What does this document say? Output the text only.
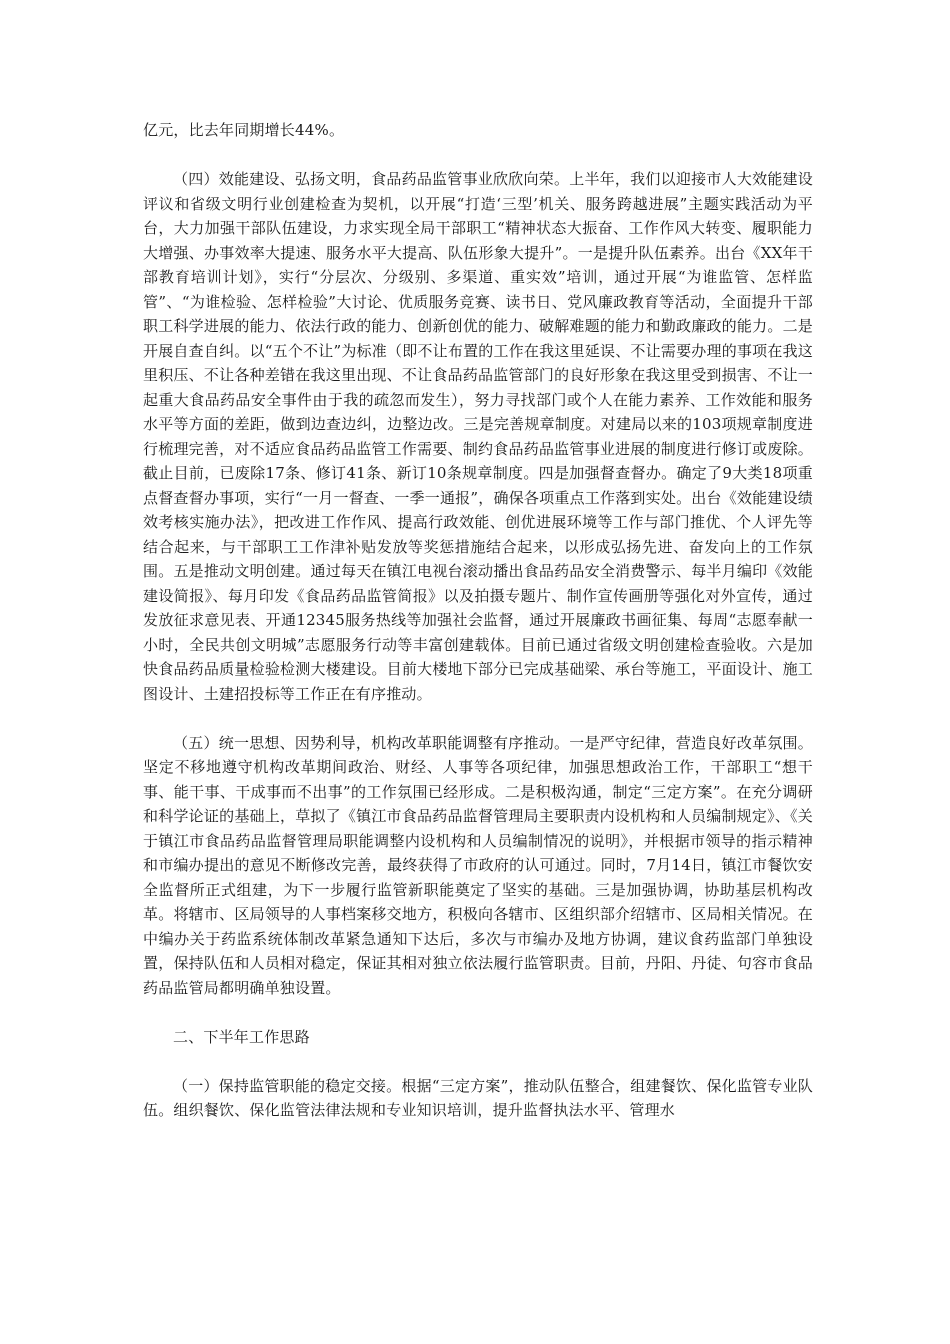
亿元，比去年同期增长44%。

（四）效能建设、弘扬文明，食品药品监管事业欣欣向荣。上半年，我们以迎接市人大效能建设评议和省级文明行业创建检查为契机，以开展“打造‘三型’机关、服务跨越进展”主题实践活动为平台，大力加强干部队伍建设，力求实现全局干部职工“精神状态大振奋、工作作风大转变、履职能力大增强、办事效率大提速、服务水平大提高、队伍形象大提升”。一是提升队伍素养。出台《XX年干部教育培训计划》，实行“分层次、分级别、多渠道、重实效”培训，通过开展“为谁监管、怎样监管”、“为谁检验、怎样检验”大讨论、优质服务竞赛、读书日、党风廉政教育等活动，全面提升干部职工科学进展的能力、依法行政的能力、创新创优的能力、破解难题的能力和勤政廉政的能力。二是开展自查自纠。以“五个不让”为标准（即不让布置的工作在我这里延误、不让需要办理的事项在我这里积压、不让各种差错在我这里出现、不让食品药品监管部门的良好形象在我这里受到损害、不让一起重大食品药品安全事件由于我的疏忽而发生），努力寻找部门或个人在能力素养、工作效能和服务水平等方面的差距，做到边查边纠，边整边改。三是完善规章制度。对建局以来的103项规章制度进行梳理完善，对不适应食品药品监管工作需要、制约食品药品监管事业进展的制度进行修订或废除。截止目前，已废除17条、修订41条、新订10条规章制度。四是加强督查督办。确定了9大类18项重点督查督办事项，实行“一月一督查、一季一通报”，确保各项重点工作落到实处。出台《效能建设绩效考核实施办法》，把改进工作作风、提高行政效能、创优进展环境等工作与部门推优、个人评先等结合起来，与干部职工工作津补贴发放等奖惩措施结合起来，以形成弘扬先进、奋发向上的工作氛围。五是推动文明创建。通过每天在镇江电视台滚动播出食品药品安全消费警示、每半月编印《效能建设简报》、每月印发《食品药品监管简报》以及拍摄专题片、制作宣传画册等强化对外宣传，通过发放征求意见表、开通12345服务热线等加强社会监督，通过开展廉政书画征集、每周“志愿奉献一小时，全民共创文明城”志愿服务行动等丰富创建载体。目前已通过省级文明创建检查验收。六是加快食品药品质量检验检测大楼建设。目前大楼地下部分已完成基础梁、承台等施工，平面设计、施工图设计、土建招投标等工作正在有序推动。

（五）统一思想、因势利导，机构改革职能调整有序推动。一是严守纪律，营造良好改革氛围。坚定不移地遵守机构改革期间政治、财经、人事等各项纪律，加强思想政治工作，干部职工“想干事、能干事、干成事而不出事”的工作氛围已经形成。二是积极沟通，制定“三定方案”。在充分调研和科学论证的基础上，草拟了《镇江市食品药品监督管理局主要职责内设机构和人员编制规定》、《关于镇江市食品药品监督管理局职能调整内设机构和人员编制情况的说明》，并根据市领导的指示精神和市编办提出的意见不断修改完善，最终获得了市政府的认可通过。同时，7月14日，镇江市餐饮安全监督所正式组建，为下一步履行监管新职能奠定了坚实的基础。三是加强协调，协助基层机构改革。将辖市、区局领导的人事档案移交地方，积极向各辖市、区组织部介绍辖市、区局相关情况。在中编办关于药监系统体制改革紧急通知下达后，多次与市编办及地方协调，建议食药监部门单独设置，保持队伍和人员相对稳定，保证其相对独立依法履行监管职责。目前，丹阳、丹徒、句容市食品药品监管局都明确单独设置。

二、下半年工作思路

（一）保持监管职能的稳定交接。根据“三定方案”，推动队伍整合，组建餐饮、保化监管专业队伍。组织餐饮、保化监管法律法规和专业知识培训，提升监督执法水平、管理水
